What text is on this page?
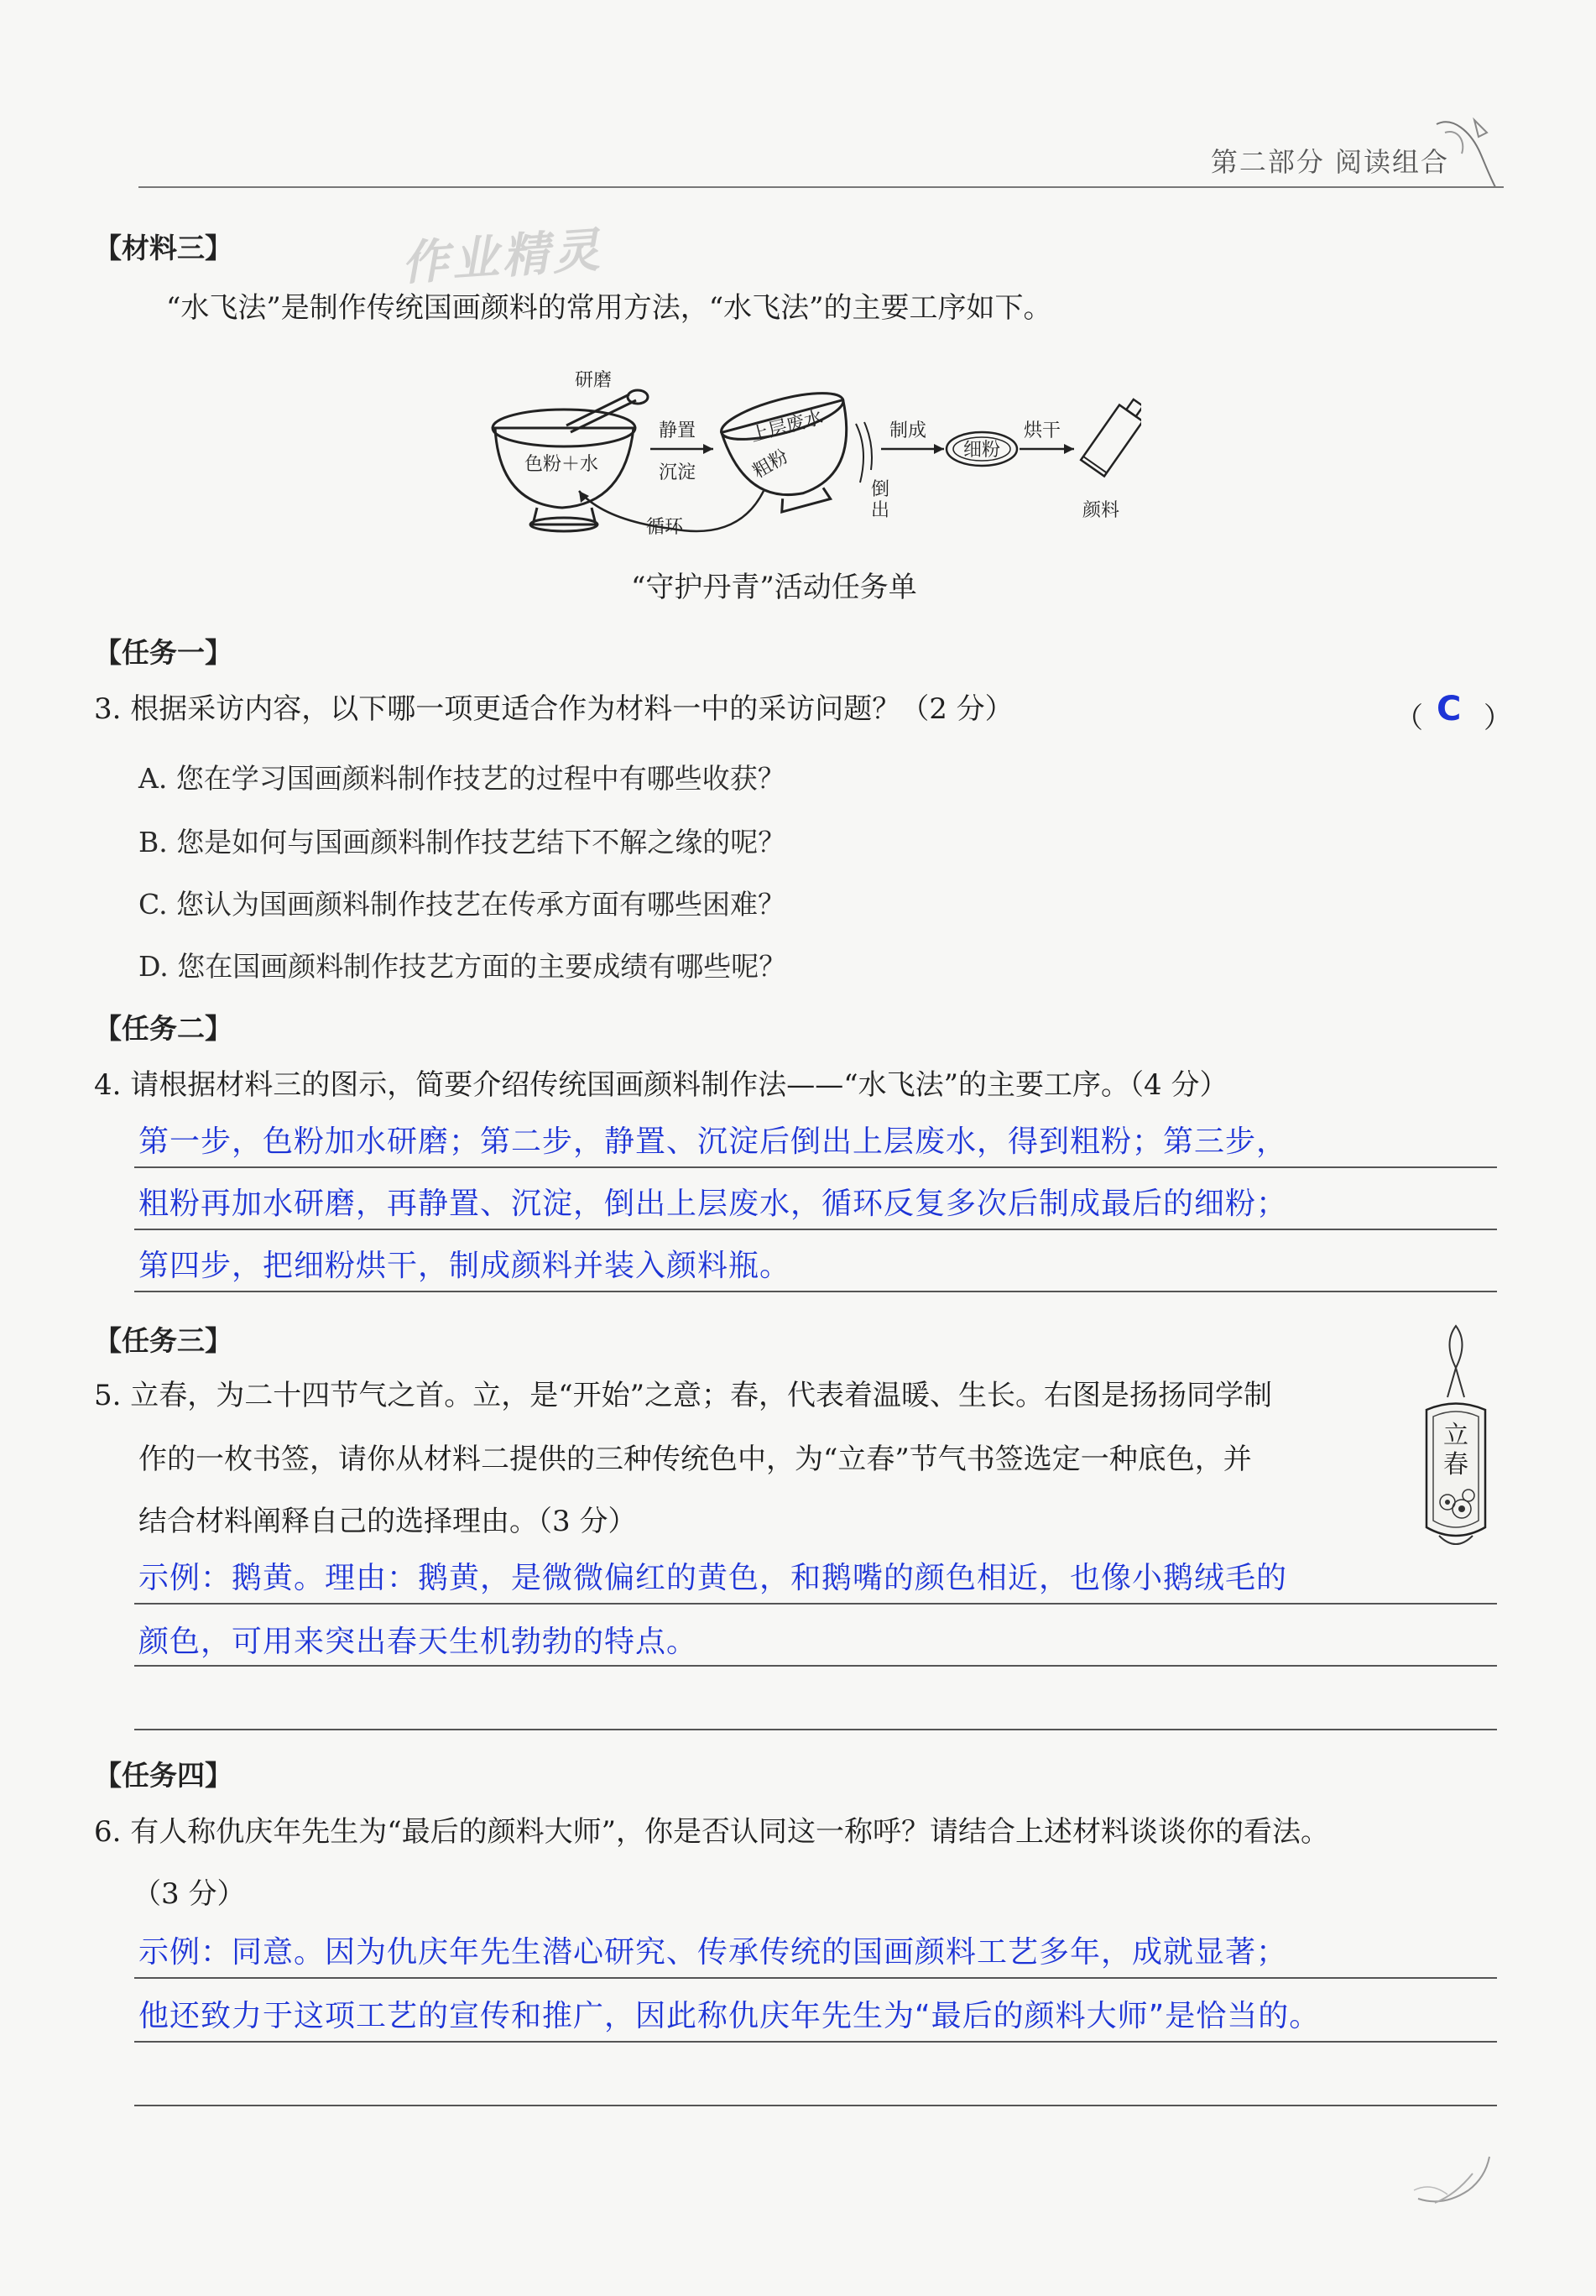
第二部分 阅读组合
作业精灵
【材料三】
“水飞法”是制作传统国画颜料的常用方法，“水飞法”的主要工序如下。
研磨
色粉＋水
静置
沉淀
上层废水
粗粉
倒
出
循环
制成
细粉
烘干
颜料
“守护丹青”活动任务单
【任务一】
3. 根据采访内容，以下哪一项更适合作为材料一中的采访问题？（2 分）	（ C ）
A. 您在学习国画颜料制作技艺的过程中有哪些收获？
B. 您是如何与国画颜料制作技艺结下不解之缘的呢？
C. 您认为国画颜料制作技艺在传承方面有哪些困难？
D. 您在国画颜料制作技艺方面的主要成绩有哪些呢？
【任务二】
4. 请根据材料三的图示，简要介绍传统国画颜料制作法——“水飞法”的主要工序。（4 分）
第一步，色粉加水研磨；第二步，静置、沉淀后倒出上层废水，得到粗粉；第三步，
粗粉再加水研磨，再静置、沉淀，倒出上层废水，循环反复多次后制成最后的细粉；
第四步，把细粉烘干，制成颜料并装入颜料瓶。
【任务三】
5. 立春，为二十四节气之首。立，是“开始”之意；春，代表着温暖、生长。右图是扬扬同学制
作的一枚书签，请你从材料二提供的三种传统色中，为“立春”节气书签选定一种底色，并
结合材料阐释自己的选择理由。（3 分）
立
春
示例：鹅黄。理由：鹅黄，是微微偏红的黄色，和鹅嘴的颜色相近，也像小鹅绒毛的
颜色，可用来突出春天生机勃勃的特点。
【任务四】
6. 有人称仇庆年先生为“最后的颜料大师”，你是否认同这一称呼？请结合上述材料谈谈你的看法。
（3 分）
示例：同意。因为仇庆年先生潜心研究、传承传统的国画颜料工艺多年，成就显著；
他还致力于这项工艺的宣传和推广，因此称仇庆年先生为“最后的颜料大师”是恰当的。
